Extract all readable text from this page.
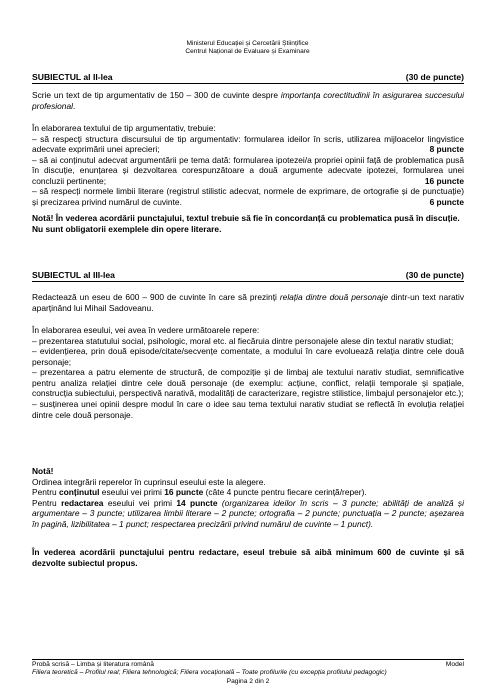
Ministerul Educației și Cercetării Științifice
Centrul Național de Evaluare și Examinare
SUBIECTUL al II-lea	(30 de puncte)

Scrie un text de tip argumentativ de 150 – 300 de cuvinte despre importanța corectitudinii în asigurarea succesului profesional.

În elaborarea textului de tip argumentativ, trebuie:

– să respecți structura discursului de tip argumentativ: formularea ideilor în scris, utilizarea mijloacelor lingvistice adecvate exprimării unei aprecieri;	8 puncte

– să ai conținutul adecvat argumentării pe tema dată: formularea ipotezei/a propriei opinii față de problematica pusă în discuție, enunțarea și dezvoltarea corespunzătoare a două argumente adecvate ipotezei, formularea unei concluzii pertinente;	16 puncte

– să respecți normele limbii literare (registrul stilistic adecvat, normele de exprimare, de ortografie și de punctuație) și precizarea privind numărul de cuvinte.	6 puncte

Notă! În vederea acordării punctajului, textul trebuie să fie în concordanță cu problematica pusă în discuție.

Nu sunt obligatorii exemplele din opere literare.

SUBIECTUL al III-lea	(30 de puncte)

Redactează un eseu de 600 – 900 de cuvinte în care să prezinți relația dintre două personaje dintr-un text narativ aparținând lui Mihail Sadoveanu.

În elaborarea eseului, vei avea în vedere următoarele repere:

– prezentarea statutului social, psihologic, moral etc. al fiecăruia dintre personajele alese din textul narativ studiat;

– evidențierea, prin două episode/citate/secvențe comentate, a modului în care evoluează relația dintre cele două personaje;

– prezentarea a patru elemente de structură, de compoziție și de limbaj ale textului narativ studiat, semnificative pentru analiza relației dintre cele două personaje (de exemplu: acțiune, conflict, relații temporale și spațiale, construcția subiectului, perspectivă narativă, modalități de caracterizare, registre stilistice, limbajul personajelor etc.);

– susținerea unei opinii despre modul în care o idee sau tema textului narativ studiat se reflectă în evoluția relației dintre cele două personaje.

Notă!

Ordinea integrării reperelor în cuprinsul eseului este la alegere.

Pentru conținutul eseului vei primi 16 puncte (câte 4 puncte pentru fiecare cerință/reper).

Pentru redactarea eseului vei primi 14 puncte (organizarea ideilor în scris – 3 puncte; abilități de analiză și argumentare – 3 puncte; utilizarea limbii literare – 2 puncte; ortografia – 2 puncte; punctuația – 2 puncte; așezarea în pagină, lizibilitatea – 1 punct; respectarea precizării privind numărul de cuvinte – 1 punct).

În vederea acordării punctajului pentru redactare, eseul trebuie să aibă minimum 600 de cuvinte și să dezvolte subiectul propus.
Probă scrisă – Limba și literatura română	Model
Filiera teoretică – Profilul real; Filiera tehnologică; Filiera vocațională – Toate profilurile (cu excepția profilului pedagogic)
Pagina 2 din 2
